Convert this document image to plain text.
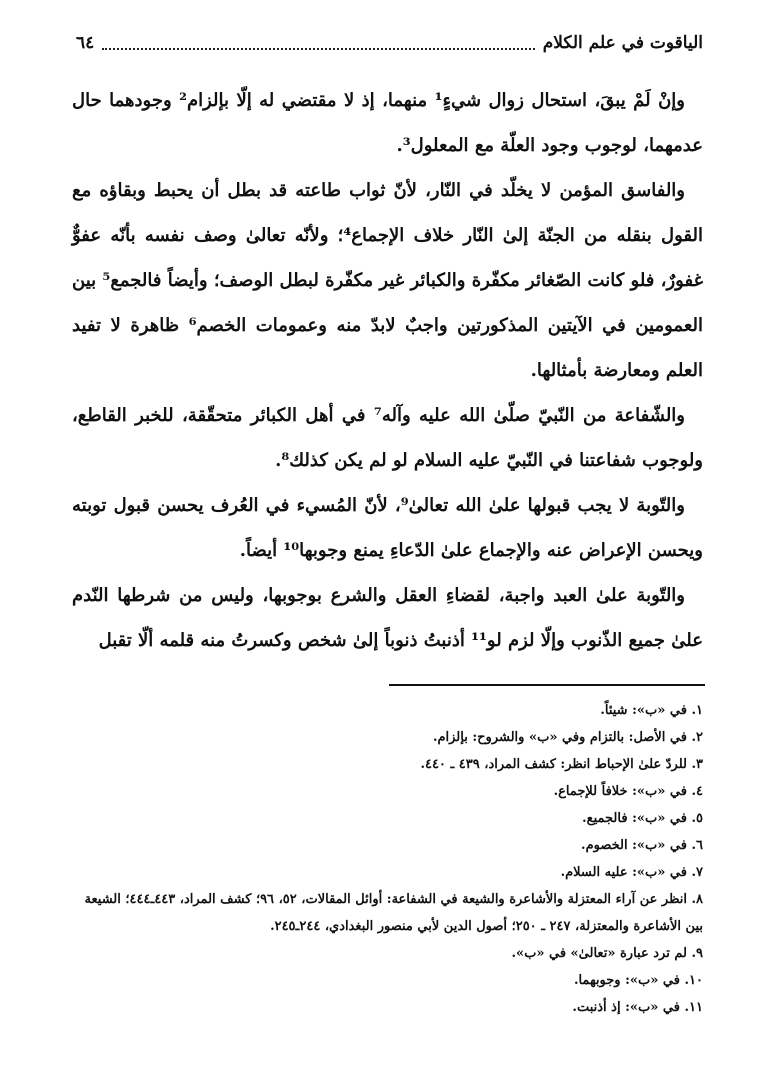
الياقوت في علم الكلام
٦٤

وإنْ لَمْ يبقَ، استحال زوال شيءٍ¹ منهما، إذ لا مقتضي له إلّا بإلزام² وجودهما حال عدمهما، لوجوب وجود العلّة مع المعلول³.

والفاسق المؤمن لا يخلّد في النّار، لأنّ ثواب طاعته قد بطل أن يحبط وبقاؤه مع القول بنقله من الجنّة إلىٰ النّار خلاف الإجماع⁴؛ ولأنّه تعالىٰ وصف نفسه بأنّه عفوٌّ غفورٌ، فلو كانت الصّغائر مكفّرة والكبائر غير مكفّرة لبطل الوصف؛ وأيضاً فالجمع⁵ بين العمومين في الآيتين المذكورتين واجبٌ لابدّ منه وعمومات الخصم⁶ ظاهرة لا تفيد العلم ومعارضة بأمثالها.

والشّفاعة من النّبيّ صلّىٰ الله عليه وآله⁷ في أهل الكبائر متحقّقة، للخبر القاطع، ولوجوب شفاعتنا في النّبيّ عليه السلام لو لم يكن كذلك⁸.

والتّوبة لا يجب قبولها علىٰ الله تعالىٰ⁹، لأنّ المُسيء في العُرف يحسن قبول توبته ويحسن الإعراض عنه والإجماع علىٰ الدّعاءِ يمنع وجوبها¹⁰ أيضاً.

والتّوبة علىٰ العبد واجبة، لقضاءِ العقل والشرع بوجوبها، وليس من شرطها النّدم علىٰ جميع الذّنوب وإلّا لزم لو¹¹ أذنبتُ ذنوباً إلىٰ شخص وكسرتُ منه قلمه ألّا تقبل

١. في «ب»: شيئاً.

٢. في الأصل: بالتزام وفي «ب» والشروح: بإلزام.

٣. للردّ علىٰ الإحباط انظر: كشف المراد، ٤٣٩ ـ ٤٤٠.

٤. في «ب»: خلافاً للإجماع.

٥. في «ب»: فالجميع.

٦. في «ب»: الخصوم.

٧. في «ب»: عليه السلام.

٨. انظر عن آراء المعتزلة والأشاعرة والشيعة في الشفاعة: أوائل المقالات، ٥٢، ٩٦؛ كشف المراد، ٤٤٣ـ٤٤٤؛ الشيعة بين الأشاعرة والمعتزلة، ٢٤٧ ـ ٢٥٠؛ أصول الدين لأبي منصور البغدادي، ٢٤٤ـ٢٤٥.

٩. لم ترد عبارة «تعالىٰ» في «ب».

١٠. في «ب»: وجوبهما.

١١. في «ب»: إذ أذنبت.
